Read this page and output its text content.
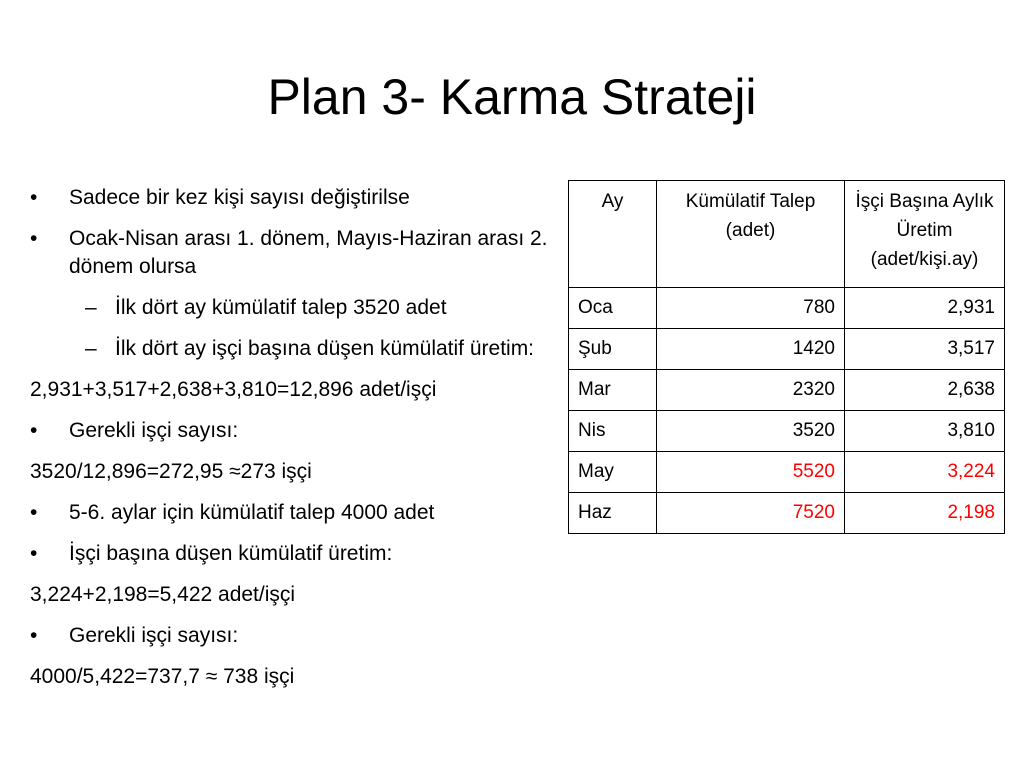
Plan 3- Karma Strateji
• Sadece bir kez kişi sayısı değiştirilse
• Ocak-Nisan arası 1. dönem, Mayıs-Haziran arası 2. dönem olursa
– İlk dört ay kümülatif talep 3520 adet
– İlk dört ay işçi başına düşen kümülatif üretim:
2,931+3,517+2,638+3,810=12,896 adet/işçi
• Gerekli işçi sayısı:
3520/12,896=272,95 ≈273 işçi
• 5-6. aylar için kümülatif talep 4000 adet
• İşçi başına düşen kümülatif üretim:
3,224+2,198=5,422 adet/işçi
• Gerekli işçi sayısı:
4000/5,422=737,7 ≈ 738 işçi
Ay	Kümülatif Talep (adet)	İşçi Başına Aylık Üretim (adet/kişi.ay)
Oca	780	2,931
Şub	1420	3,517
Mar	2320	2,638
Nis	3520	3,810
May	5520	3,224
Haz	7520	2,198
